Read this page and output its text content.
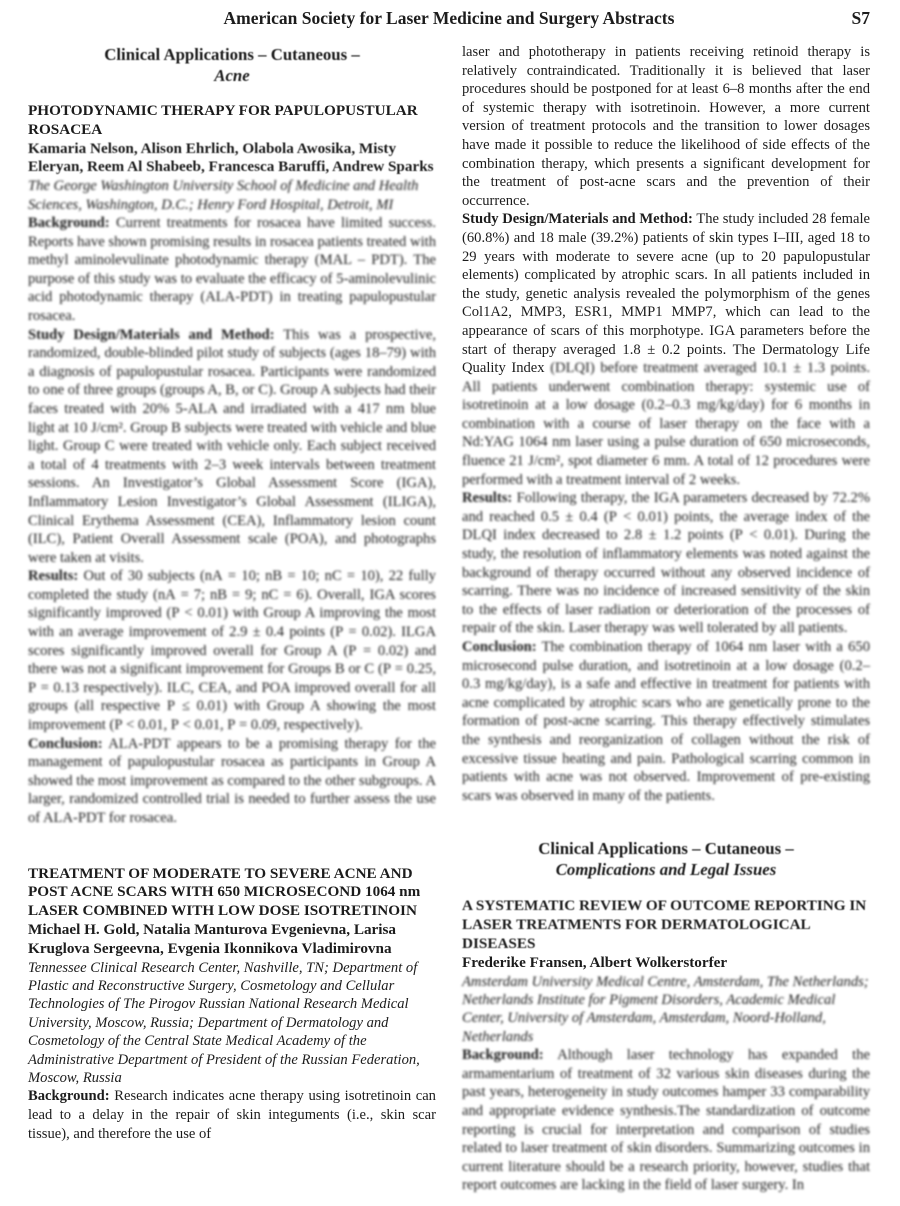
American Society for Laser Medicine and Surgery Abstracts	S7
Clinical Applications – Cutaneous –
Acne
PHOTODYNAMIC THERAPY FOR PAPULOPUSTULAR ROSACEA
Kamaria Nelson, Alison Ehrlich, Olabola Awosika, Misty Eleryan, Reem Al Shabeeb, Francesca Baruffi, Andrew Sparks
The George Washington University School of Medicine and Health Sciences, Washington, D.C.; Henry Ford Hospital, Detroit, MI

Background: Current treatments for rosacea have limited success. Reports have shown promising results in rosacea patients treated with methyl aminolevulinate photodynamic therapy (MAL – PDT). The purpose of this study was to evaluate the efficacy of 5-aminolevulinic acid photodynamic therapy (ALA-PDT) in treating papulopustular rosacea.

Study Design/Materials and Method: This was a prospective, randomized, double-blinded pilot study of subjects (ages 18–79) with a diagnosis of papulopustular rosacea. Participants were randomized to one of three groups (groups A, B, or C). Group A subjects had their faces treated with 20% 5-ALA and irradiated with a 417 nm blue light at 10 J/cm². Group B subjects were treated with vehicle and blue light. Group C were treated with vehicle only. Each subject received a total of 4 treatments with 2–3 week intervals between treatment sessions. An Investigator’s Global Assessment Score (IGA), Inflammatory Lesion Investigator’s Global Assessment (ILIGA), Clinical Erythema Assessment (CEA), Inflammatory lesion count (ILC), Patient Overall Assessment scale (POA), and photographs were taken at visits.

Results: Out of 30 subjects (nA = 10; nB = 10; nC = 10), 22 fully completed the study (nA = 7; nB = 9; nC = 6). Overall, IGA scores significantly improved (P < 0.01) with Group A improving the most with an average improvement of 2.9 ± 0.4 points (P = 0.02). ILGA scores significantly improved overall for Group A (P = 0.02) and there was not a significant improvement for Groups B or C (P = 0.25, P = 0.13 respectively). ILC, CEA, and POA improved overall for all groups (all respective P ≤ 0.01) with Group A showing the most improvement (P < 0.01, P < 0.01, P = 0.09, respectively).

Conclusion: ALA-PDT appears to be a promising therapy for the management of papulopustular rosacea as participants in Group A showed the most improvement as compared to the other subgroups. A larger, randomized controlled trial is needed to further assess the use of ALA-PDT for rosacea.

TREATMENT OF MODERATE TO SEVERE ACNE AND POST ACNE SCARS WITH 650 MICROSECOND 1064 nm LASER COMBINED WITH LOW DOSE ISOTRETINOIN
Michael H. Gold, Natalia Manturova Evgenievna, Larisa Kruglova Sergeevna, Evgenia Ikonnikova Vladimirovna
Tennessee Clinical Research Center, Nashville, TN; Department of Plastic and Reconstructive Surgery, Cosmetology and Cellular Technologies of The Pirogov Russian National Research Medical University, Moscow, Russia; Department of Dermatology and Cosmetology of the Central State Medical Academy of the Administrative Department of President of the Russian Federation, Moscow, Russia

Background: Research indicates acne therapy using isotretinoin can lead to a delay in the repair of skin integuments (i.e., skin scar tissue), and therefore the use of

laser and phototherapy in patients receiving retinoid therapy is relatively contraindicated. Traditionally it is believed that laser procedures should be postponed for at least 6–8 months after the end of systemic therapy with isotretinoin. However, a more current version of treatment protocols and the transition to lower dosages have made it possible to reduce the likelihood of side effects of the combination therapy, which presents a significant development for the treatment of post-acne scars and the prevention of their occurrence.

Study Design/Materials and Method: The study included 28 female (60.8%) and 18 male (39.2%) patients of skin types I–III, aged 18 to 29 years with moderate to severe acne (up to 20 papulopustular elements) complicated by atrophic scars. In all patients included in the study, genetic analysis revealed the polymorphism of the genes Col1A2, MMP3, ESR1, MMP1 MMP7, which can lead to the appearance of scars of this morphotype. IGA parameters before the start of therapy averaged 1.8 ± 0.2 points. The Dermatology Life Quality Index (DLQI) before treatment averaged 10.1 ± 1.3 points. All patients underwent combination therapy: systemic use of isotretinoin at a low dosage (0.2–0.3 mg/kg/day) for 6 months in combination with a course of laser therapy on the face with a Nd:YAG 1064 nm laser using a pulse duration of 650 microseconds, fluence 21 J/cm², spot diameter 6 mm. A total of 12 procedures were performed with a treatment interval of 2 weeks.

Results: Following therapy, the IGA parameters decreased by 72.2% and reached 0.5 ± 0.4 (P < 0.01) points, the average index of the DLQI index decreased to 2.8 ± 1.2 points (P < 0.01). During the study, the resolution of inflammatory elements was noted against the background of therapy occurred without any observed incidence of scarring. There was no incidence of increased sensitivity of the skin to the effects of laser radiation or deterioration of the processes of repair of the skin. Laser therapy was well tolerated by all patients.

Conclusion: The combination therapy of 1064 nm laser with a 650 microsecond pulse duration, and isotretinoin at a low dosage (0.2–0.3 mg/kg/day), is a safe and effective in treatment for patients with acne complicated by atrophic scars who are genetically prone to the formation of post-acne scarring. This therapy effectively stimulates the synthesis and reorganization of collagen without the risk of excessive tissue heating and pain. Pathological scarring common in patients with acne was not observed. Improvement of pre-existing scars was observed in many of the patients.

Clinical Applications – Cutaneous –
Complications and Legal Issues
A SYSTEMATIC REVIEW OF OUTCOME REPORTING IN LASER TREATMENTS FOR DERMATOLOGICAL DISEASES
Frederike Fransen, Albert Wolkerstorfer
Amsterdam University Medical Centre, Amsterdam, The Netherlands; Netherlands Institute for Pigment Disorders, Academic Medical Center, University of Amsterdam, Amsterdam, Noord-Holland, Netherlands

Background: Although laser technology has expanded the armamentarium of treatment of 32 various skin diseases during the past years, heterogeneity in study outcomes hamper 33 comparability and appropriate evidence synthesis.The standardization of outcome reporting is crucial for interpretation and comparison of studies related to laser treatment of skin disorders. Summarizing outcomes in current literature should be a research priority, however, studies that report outcomes are lacking in the field of laser surgery. In
